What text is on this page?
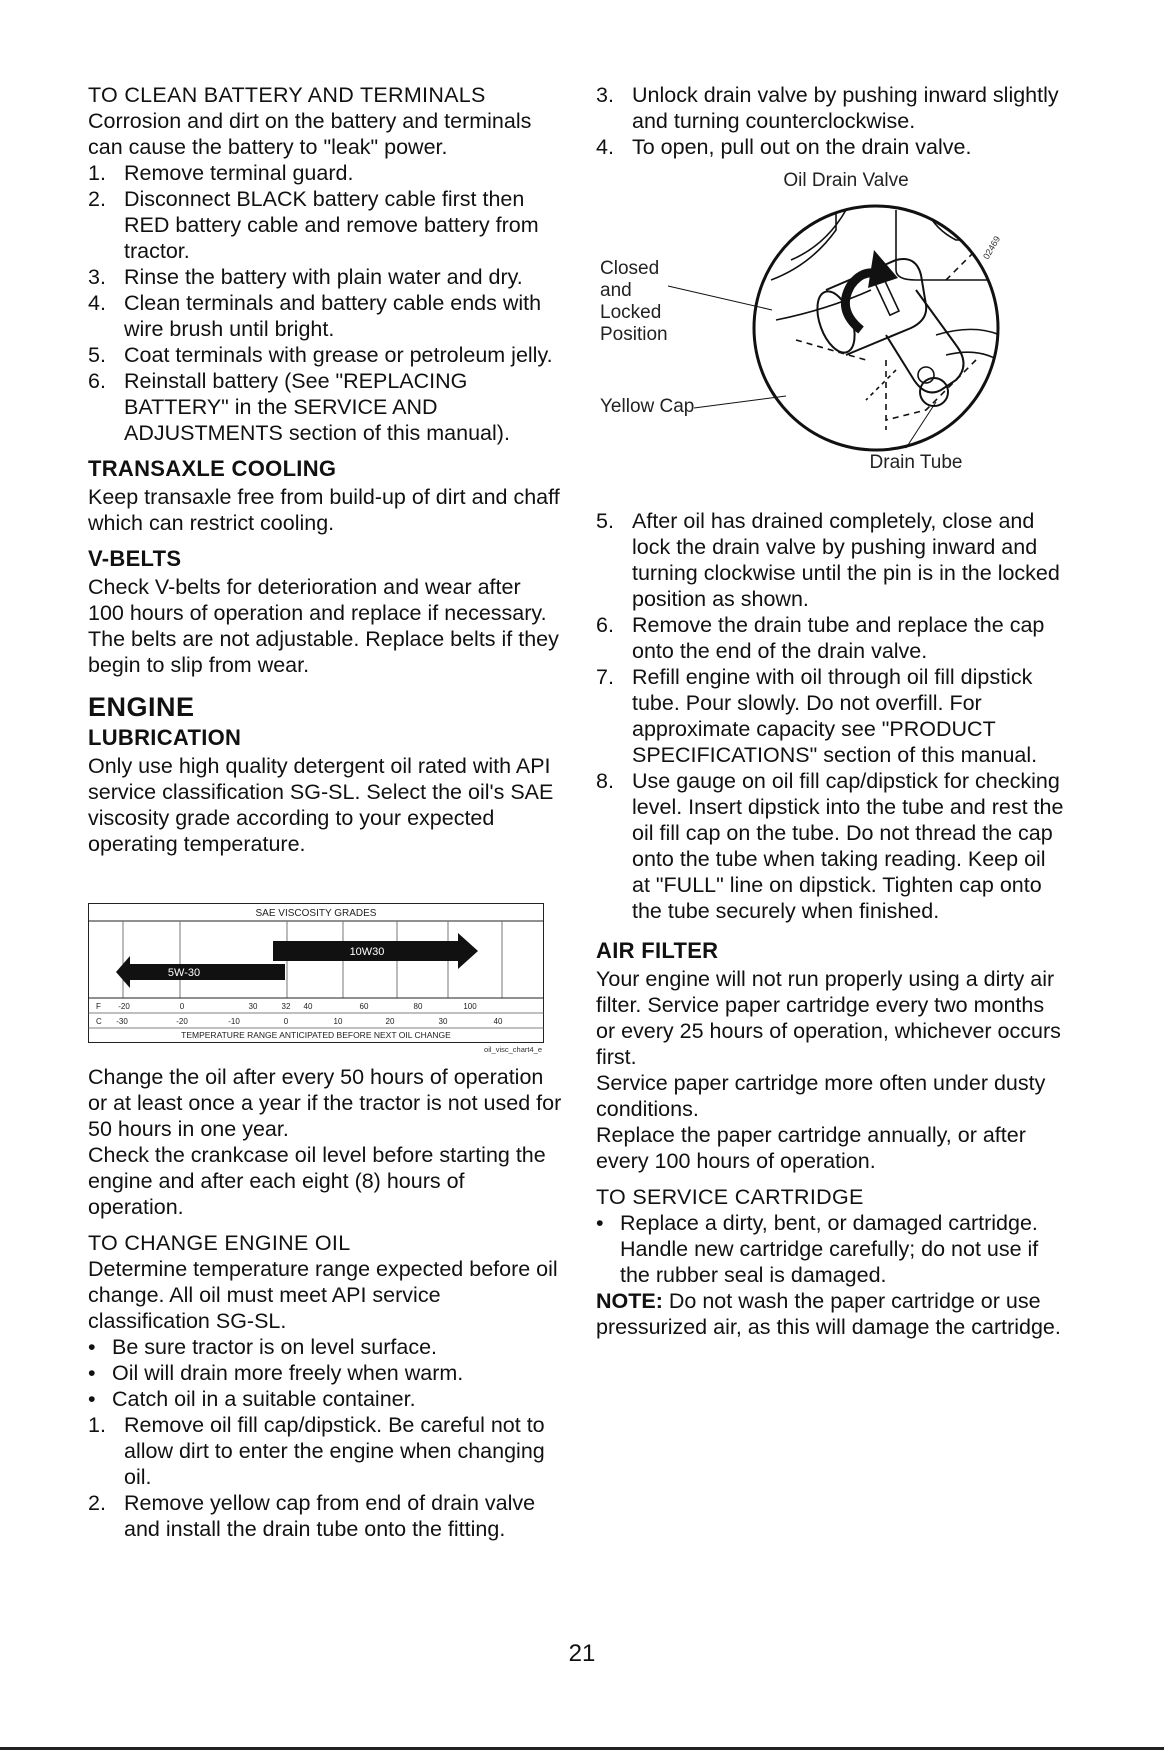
TO CLEAN BATTERY AND TERMINALS

Corrosion and dirt on the battery and terminals can cause the battery to "leak" power.

1. Remove terminal guard.
2. Disconnect BLACK battery cable first then RED battery cable and remove battery from tractor.
3. Rinse the battery with plain water and dry.
4. Clean terminals and battery cable ends with wire brush until bright.
5. Coat terminals with grease or petroleum jelly.
6. Reinstall battery (See "REPLACING BATTERY" in the SERVICE AND ADJUSTMENTS section of this manual).
TRANSAXLE COOLING

Keep transaxle free from build-up of dirt and chaff which can restrict cooling.

V-BELTS

Check V-belts for deterioration and wear after 100 hours of operation and replace if necessary. The belts are not adjustable. Replace belts if they begin to slip from wear.

ENGINE
LUBRICATION

Only use high quality detergent oil rated with API service classification SG-SL. Select the oil's SAE viscosity grade according to your expected operating temperature.

SAE VISCOSITY GRADES
10W30
5W-30
F -20	0	30	32 40	60	80	100
C -30	-20	-10	0	10	20	30	40
TEMPERATURE RANGE ANTICIPATED BEFORE NEXT OIL CHANGE
oil_visc_chart4_e

Change the oil after every 50 hours of operation or at least once a year if the tractor is not used for 50 hours in one year.

Check the crankcase oil level before starting the engine and after each eight (8) hours of operation.

TO CHANGE ENGINE OIL

Determine temperature range expected before oil change. All oil must meet API service classification SG-SL.

• Be sure tractor is on level surface.
• Oil will drain more freely when warm.
• Catch oil in a suitable container.
1. Remove oil fill cap/dipstick. Be careful not to allow dirt to enter the engine when changing oil.
2. Remove yellow cap from end of drain valve and install the drain tube onto the fitting.
3. Unlock drain valve by pushing inward slightly and turning counterclockwise.
4. To open, pull out on the drain valve.
Oil Drain Valve
Closed
and
Locked
Position
Yellow Cap
Drain Tube
02469
5. After oil has drained completely, close and lock the drain valve by pushing inward and turning clockwise until the pin is in the locked position as shown.
6. Remove the drain tube and replace the cap onto the end of the drain valve.
7. Refill engine with oil through oil fill dipstick tube. Pour slowly. Do not overfill. For approximate capacity see "PRODUCT SPECIFICATIONS" section of this manual.
8. Use gauge on oil fill cap/dipstick for checking level. Insert dipstick into the tube and rest the oil fill cap on the tube. Do not thread the cap onto the tube when taking reading. Keep oil at "FULL" line on dipstick. Tighten cap onto the tube securely when finished.
AIR FILTER

Your engine will not run properly using a dirty air filter. Service paper cartridge every two months or every 25 hours of operation, whichever occurs first.

Service paper cartridge more often under dusty conditions.

Replace the paper cartridge annually, or after every 100 hours of operation.

TO SERVICE CARTRIDGE
• Replace a dirty, bent, or damaged cartridge. Handle new cartridge carefully; do not use if the rubber seal is damaged.

NOTE: Do not wash the paper cartridge or use pressurized air, as this will damage the cartridge.

21
